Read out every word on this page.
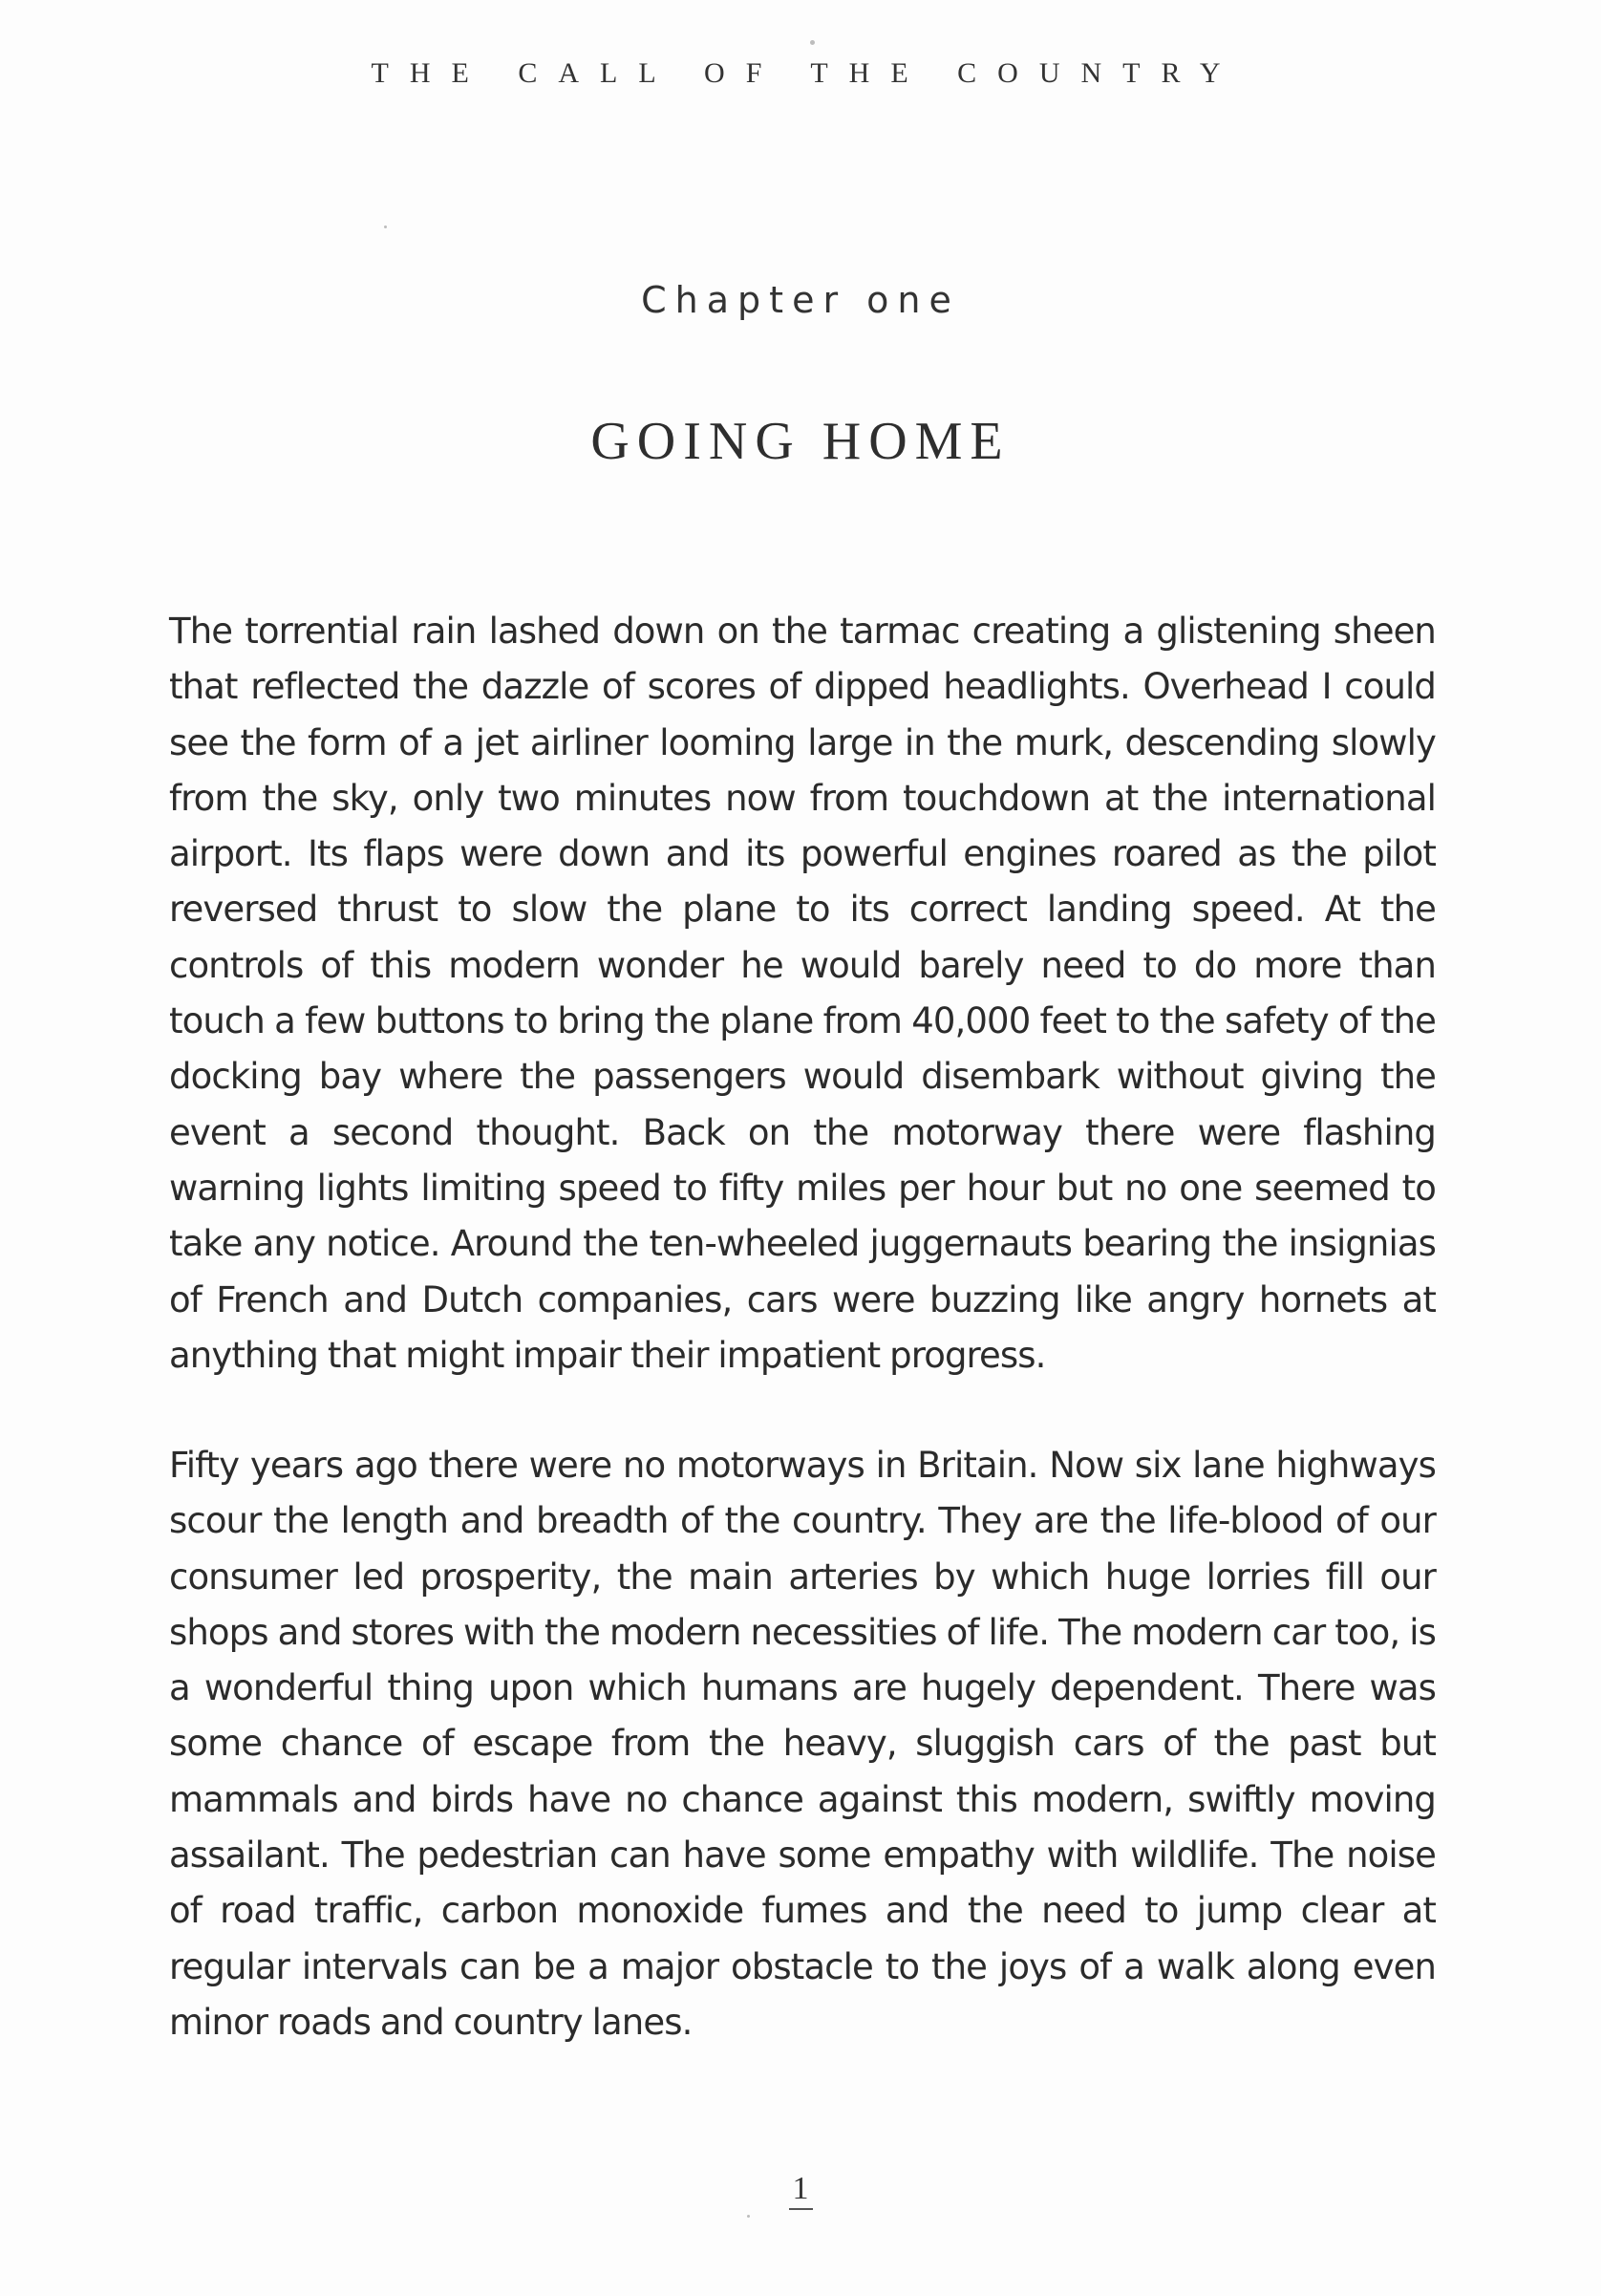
THE CALL OF THE COUNTRY
Chapter one
GOING HOME

The torrential rain lashed down on the tarmac creating a glistening sheen that reflected the dazzle of scores of dipped headlights. Overhead I could see the form of a jet airliner looming large in the murk, descending slowly from the sky, only two minutes now from touchdown at the international airport. Its flaps were down and its powerful engines roared as the pilot reversed thrust to slow the plane to its correct landing speed. At the controls of this modern wonder he would barely need to do more than touch a few buttons to bring the plane from 40,000 feet to the safety of the docking bay where the passengers would disembark without giving the event a second thought. Back on the motorway there were flashing warning lights limiting speed to fifty miles per hour but no one seemed to take any notice. Around the ten-wheeled juggernauts bearing the insignias of French and Dutch companies, cars were buzzing like angry hornets at anything that might impair their impatient progress.

Fifty years ago there were no motorways in Britain. Now six lane highways scour the length and breadth of the country. They are the life-blood of our consumer led prosperity, the main arteries by which huge lorries fill our shops and stores with the modern necessities of life. The modern car too, is a wonderful thing upon which humans are hugely dependent. There was some chance of escape from the heavy, sluggish cars of the past but mammals and birds have no chance against this modern, swiftly moving assailant. The pedestrian can have some empathy with wildlife. The noise of road traffic, carbon monoxide fumes and the need to jump clear at regular intervals can be a major obstacle to the joys of a walk along even minor roads and country lanes.

1
